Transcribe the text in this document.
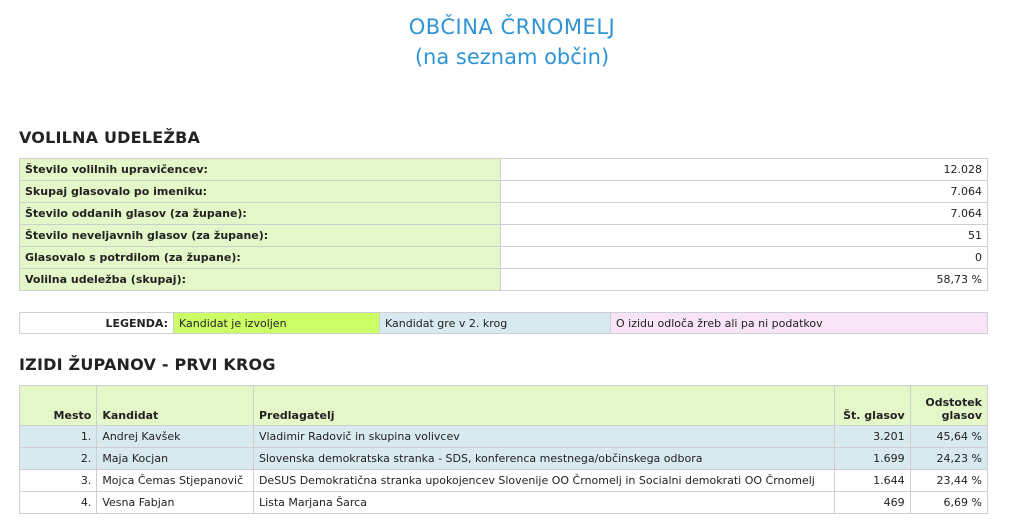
OBČINA ČRNOMELJ
(na seznam občin)
VOLILNA UDELEŽBA
Število volilnih upravičencev:	12.028
Skupaj glasovalo po imeniku:	7.064
Število oddanih glasov (za župane):	7.064
Število neveljavnih glasov (za župane):	51
Glasovalo s potrdilom (za župane):	0
Volilna udeležba (skupaj):	58,73 %
LEGENDA:	Kandidat je izvoljen	Kandidat gre v 2. krog	O izidu odloča žreb ali pa ni podatkov
IZIDI ŽUPANOV - PRVI KROG
Mesto	Kandidat	Predlagatelj	Št. glasov	Odstotek glasov
1.	Andrej Kavšek	Vladimir Radovič in skupina volivcev	3.201	45,64 %
2.	Maja Kocjan	Slovenska demokratska stranka - SDS, konferenca mestnega/občinskega odbora	1.699	24,23 %
3.	Mojca Čemas Stjepanovič	DeSUS Demokratična stranka upokojencev Slovenije OO Črnomelj in Socialni demokrati OO Črnomelj	1.644	23,44 %
4.	Vesna Fabjan	Lista Marjana Šarca	469	6,69 %
